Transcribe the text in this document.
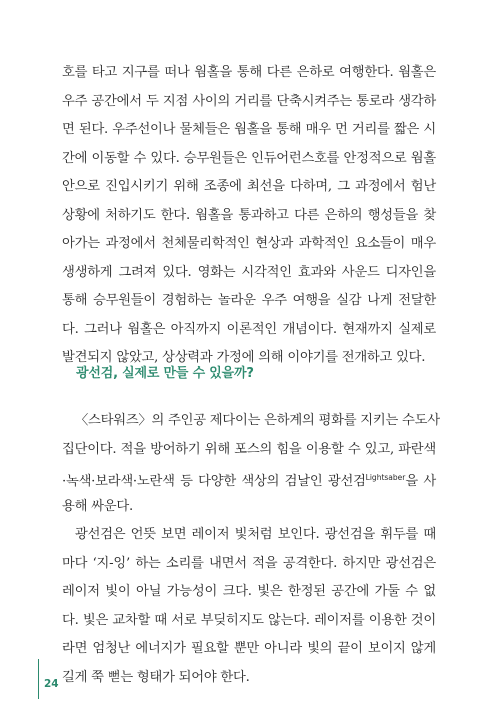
호를 타고 지구를 떠나 웜홀을 통해 다른 은하로 여행한다. 웜홀은
우주 공간에서 두 지점 사이의 거리를 단축시켜주는 통로라 생각하
면 된다. 우주선이나 물체들은 웜홀을 통해 매우 먼 거리를 짧은 시
간에 이동할 수 있다. 승무원들은 인듀어런스호를 안정적으로 웜홀
안으로 진입시키기 위해 조종에 최선을 다하며, 그 과정에서 험난
상황에 처하기도 한다. 웜홀을 통과하고 다른 은하의 행성들을 찾
아가는 과정에서 천체물리학적인 현상과 과학적인 요소들이 매우
생생하게 그려져 있다. 영화는 시각적인 효과와 사운드 디자인을
통해 승무원들이 경험하는 놀라운 우주 여행을 실감 나게 전달한
다. 그러나 웜홀은 아직까지 이론적인 개념이다. 현재까지 실제로
발견되지 않았고, 상상력과 가정에 의해 이야기를 전개하고 있다.
광선검, 실제로 만들 수 있을까?
〈스타워즈〉의 주인공 제다이는 은하계의 평화를 지키는 수도사
집단이다. 적을 방어하기 위해 포스의 힘을 이용할 수 있고, 파란색
·녹색·보라색·노란색 등 다양한 색상의 검날인 광선검$^{Lightsaber}$을 사
용해 싸운다.
광선검은 언뜻 보면 레이저 빛처럼 보인다. 광선검을 휘두를 때
마다 ‘지-잉’ 하는 소리를 내면서 적을 공격한다. 하지만 광선검은
레이저 빛이 아닐 가능성이 크다. 빛은 한정된 공간에 가둘 수 없
다. 빛은 교차할 때 서로 부딪히지도 않는다. 레이저를 이용한 것이
라면 엄청난 에너지가 필요할 뿐만 아니라 빛의 끝이 보이지 않게
길게 쭉 뻗는 형태가 되어야 한다.
24
